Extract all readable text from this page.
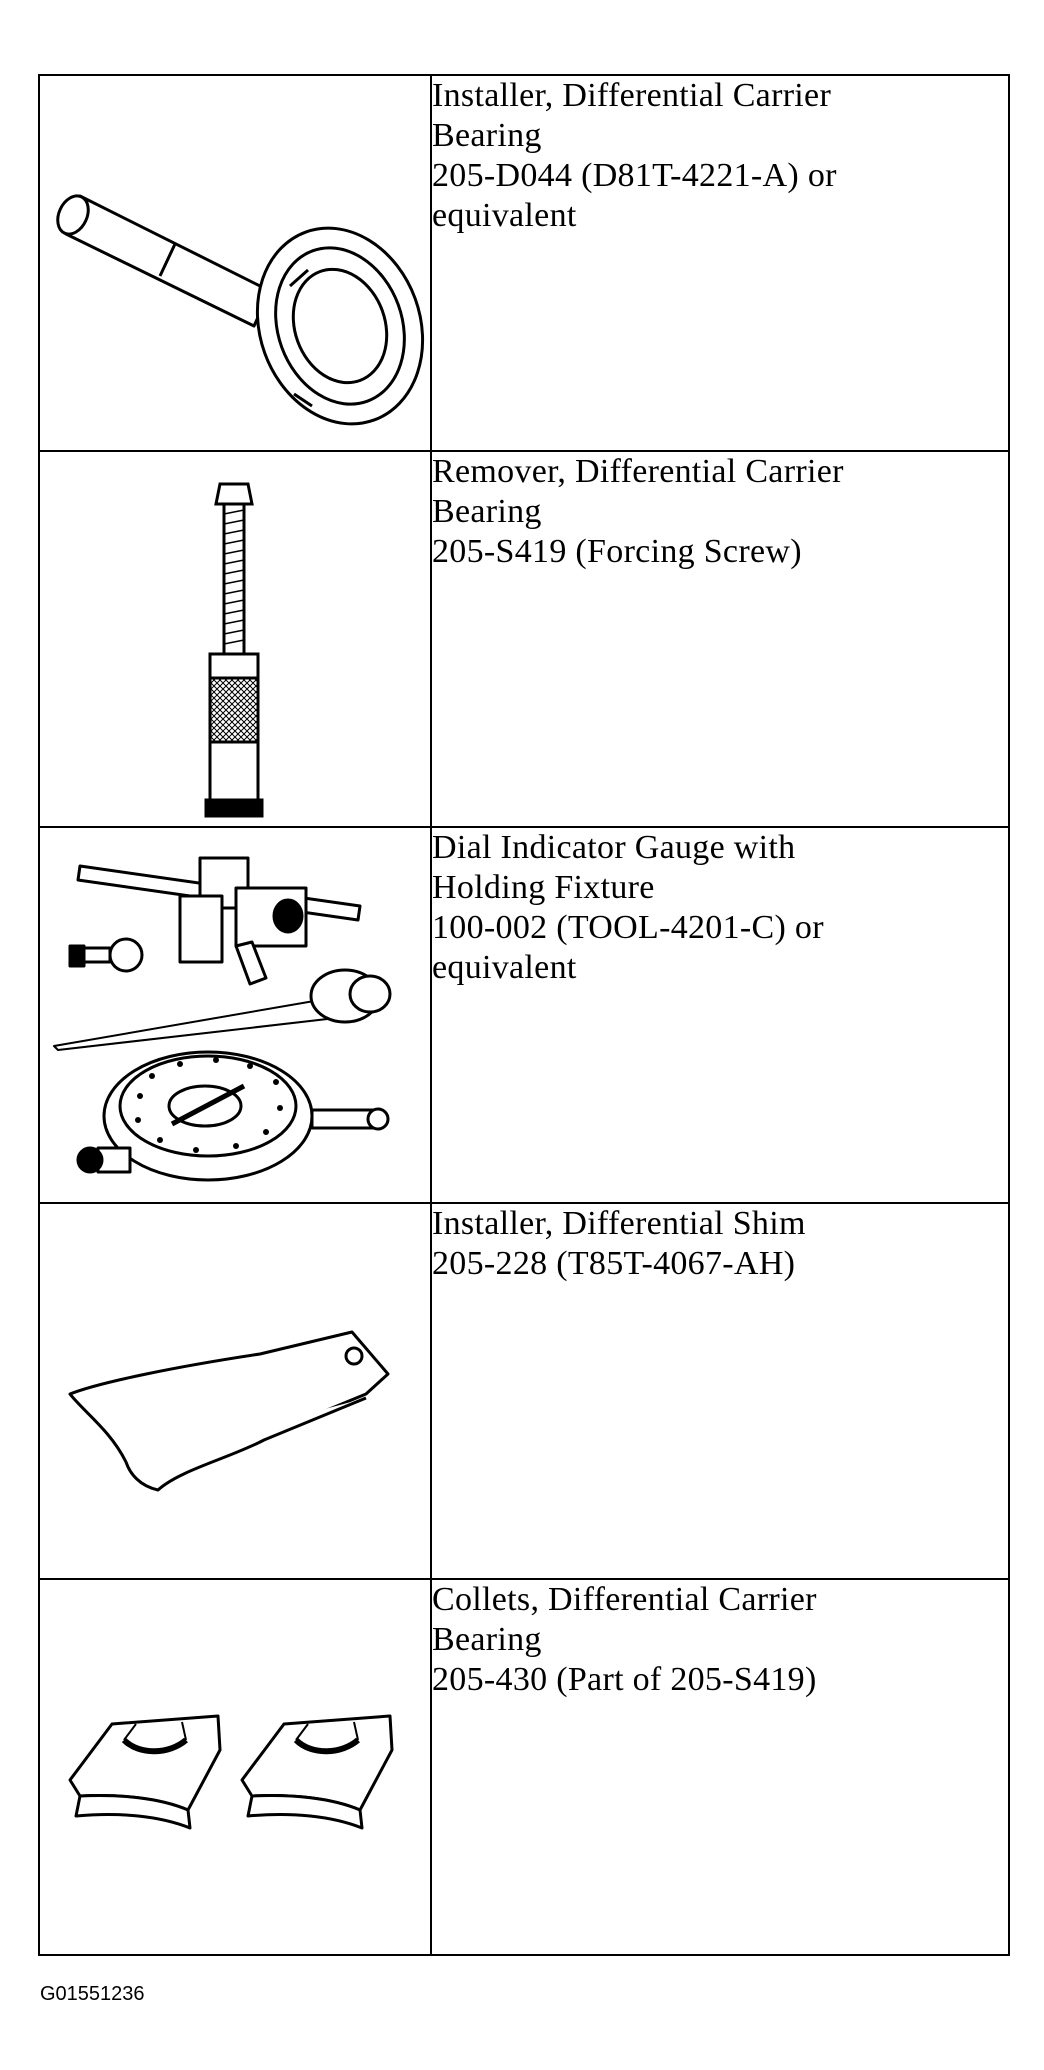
Installer, Differential Carrier
Bearing
205-D044 (D81T-4221-A) or
equivalent

Remover, Differential Carrier
Bearing
205-S419 (Forcing Screw)

Dial Indicator Gauge with
Holding Fixture
100-002 (TOOL-4201-C) or
equivalent

Installer, Differential Shim
205-228 (T85T-4067-AH)

Collets, Differential Carrier
Bearing
205-430 (Part of 205-S419)
G01551236
